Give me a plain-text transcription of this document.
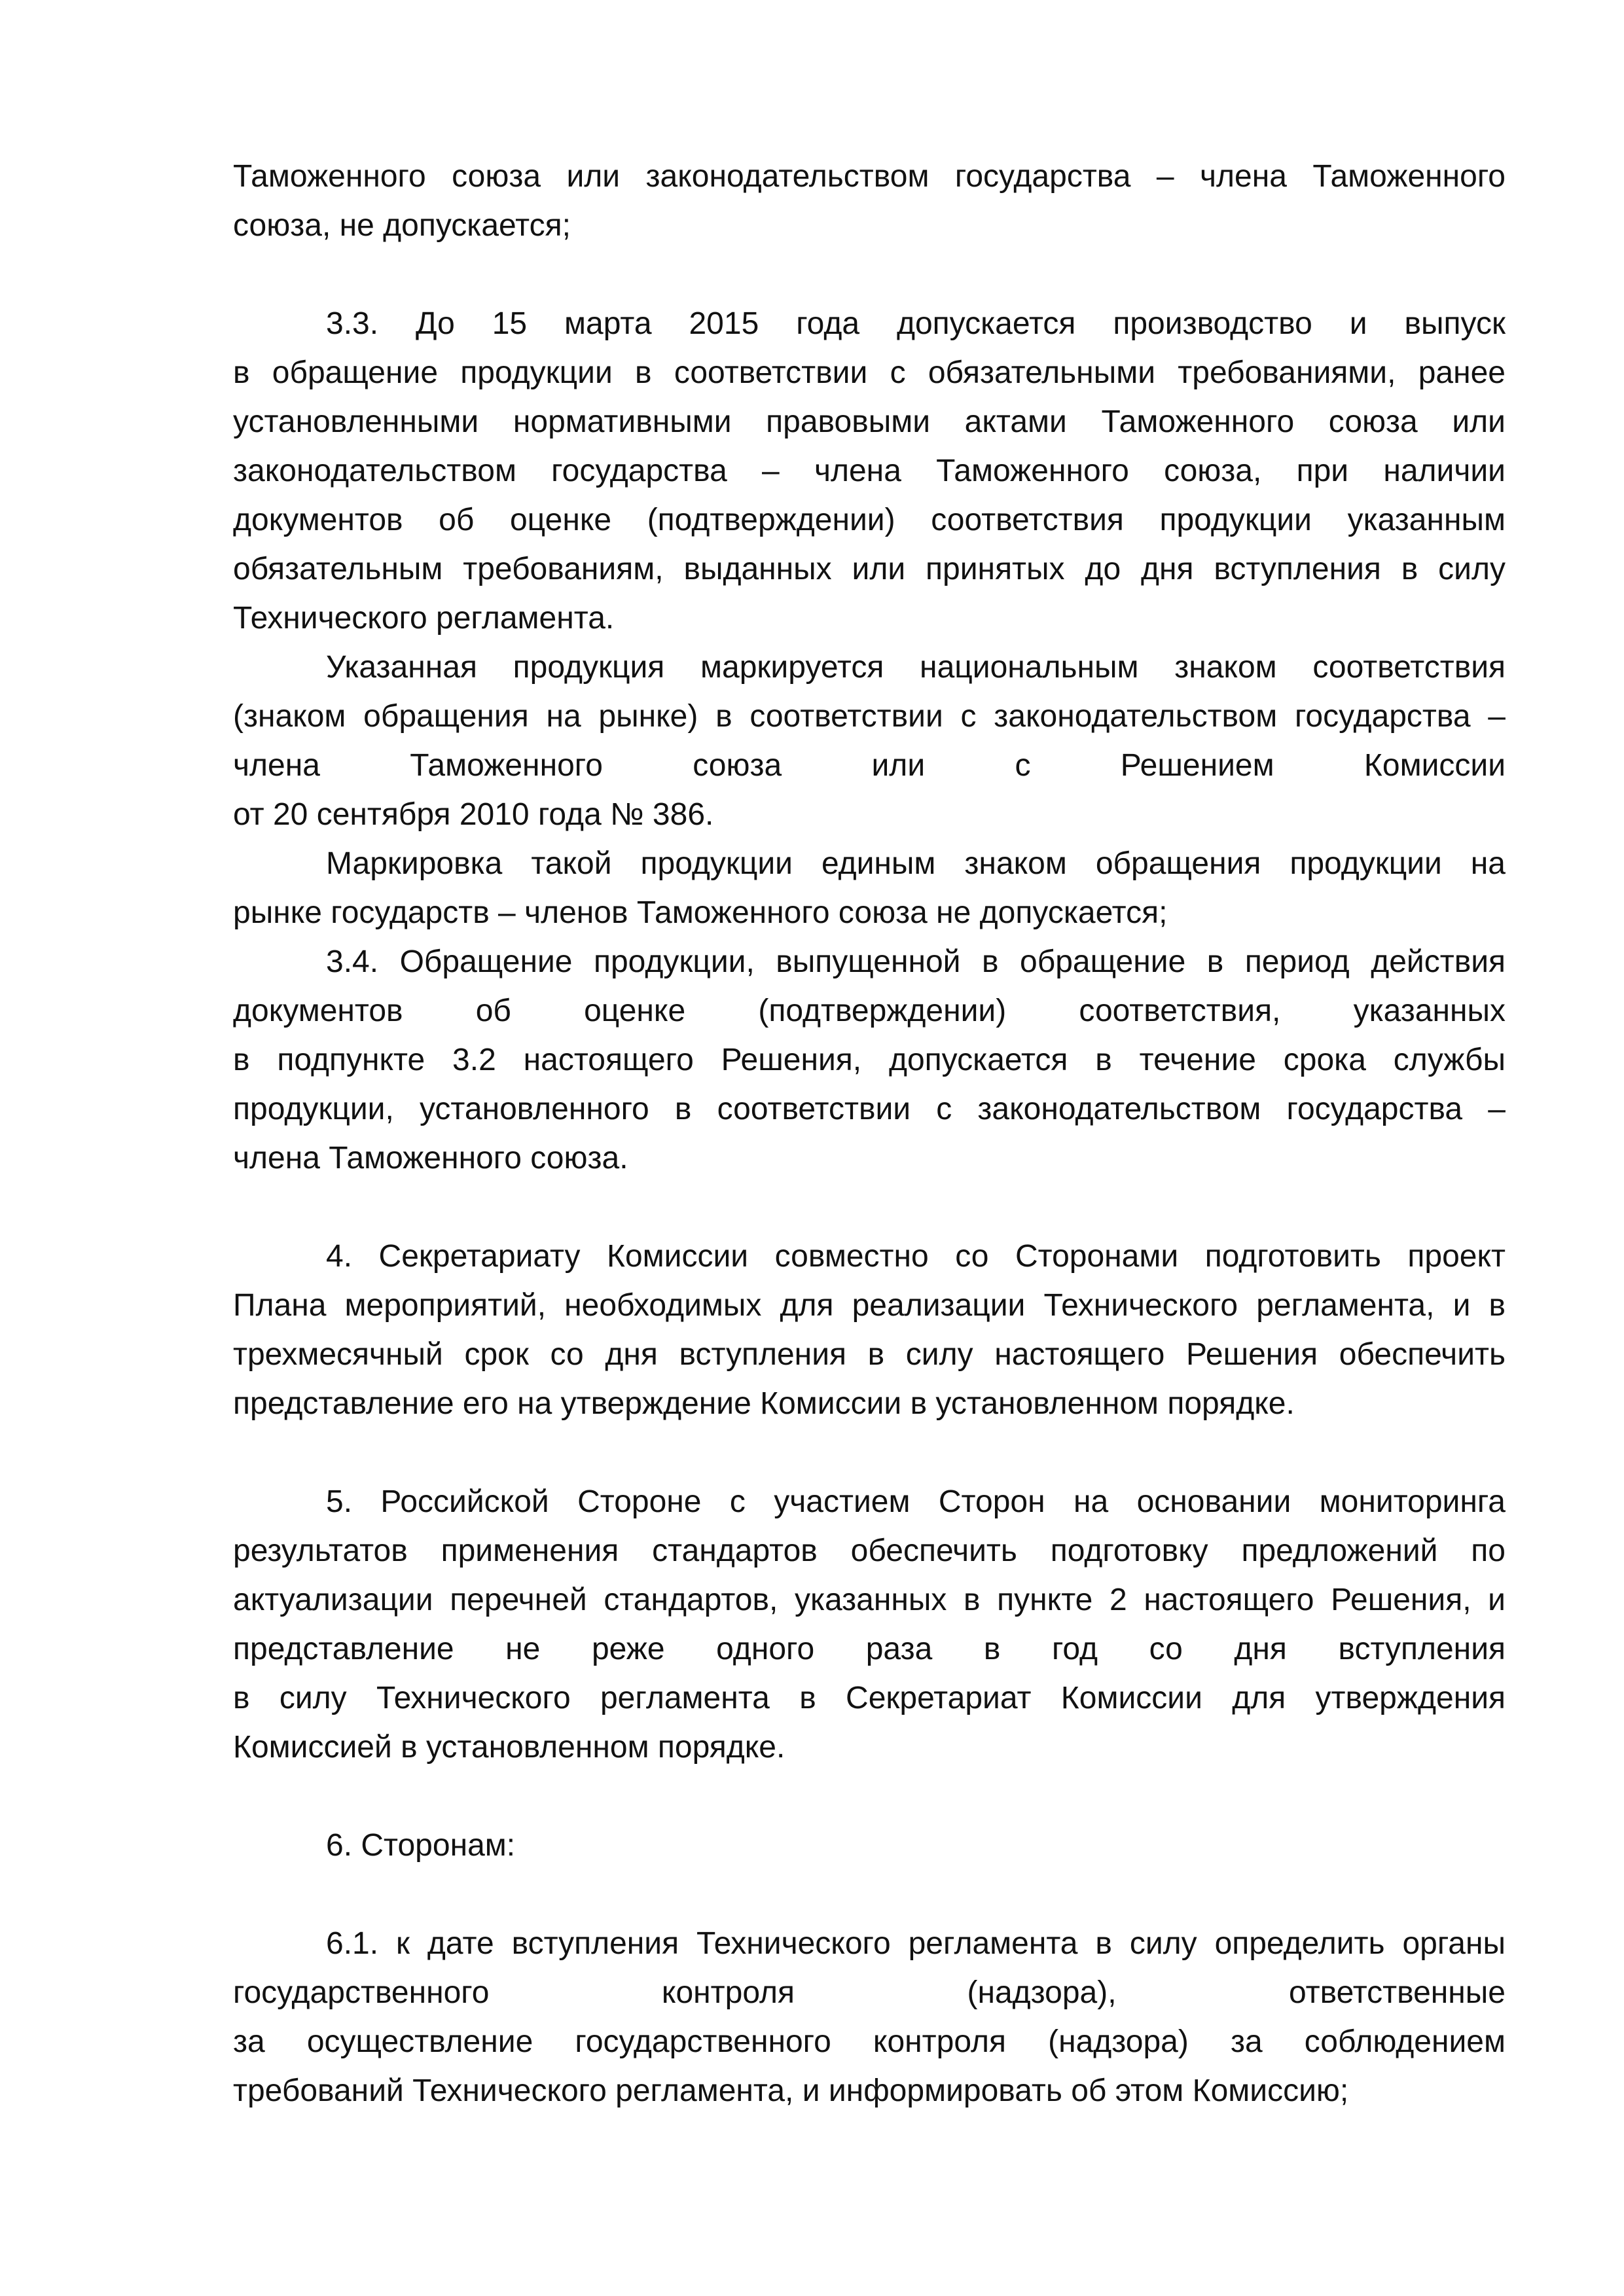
Таможенного союза или законодательством государства – члена Таможенного
союза, не допускается;
3.3. До 15 марта 2015 года допускается производство и выпуск
в обращение продукции в соответствии с обязательными требованиями, ранее
установленными нормативными правовыми актами Таможенного союза или
законодательством государства – члена Таможенного союза, при наличии
документов об оценке (подтверждении) соответствия продукции указанным
обязательным требованиям, выданных или принятых до дня вступления в силу
Технического регламента.
Указанная продукция маркируется национальным знаком соответствия
(знаком обращения на рынке) в соответствии с законодательством государства –
члена Таможенного союза или с Решением Комиссии
от 20 сентября 2010 года № 386.
Маркировка такой продукции единым знаком обращения продукции на
рынке государств – членов Таможенного союза не допускается;
3.4. Обращение продукции, выпущенной в обращение в период действия
документов об оценке (подтверждении) соответствия, указанных
в подпункте 3.2 настоящего Решения, допускается в течение срока службы
продукции, установленного в соответствии с законодательством государства –
члена Таможенного союза.
4. Секретариату Комиссии совместно со Сторонами подготовить проект
Плана мероприятий, необходимых для реализации Технического регламента, и в
трехмесячный срок со дня вступления в силу настоящего Решения обеспечить
представление его на утверждение Комиссии в установленном порядке.
5. Российской Стороне с участием Сторон на основании мониторинга
результатов применения стандартов обеспечить подготовку предложений по
актуализации перечней стандартов, указанных в пункте 2 настоящего Решения, и
представление не реже одного раза в год со дня вступления
в силу Технического регламента в Секретариат Комиссии для утверждения
Комиссией в установленном порядке.
6. Сторонам:
6.1. к дате вступления Технического регламента в силу определить органы
государственного контроля (надзора), ответственные
за осуществление государственного контроля (надзора) за соблюдением
требований Технического регламента, и информировать об этом Комиссию;
